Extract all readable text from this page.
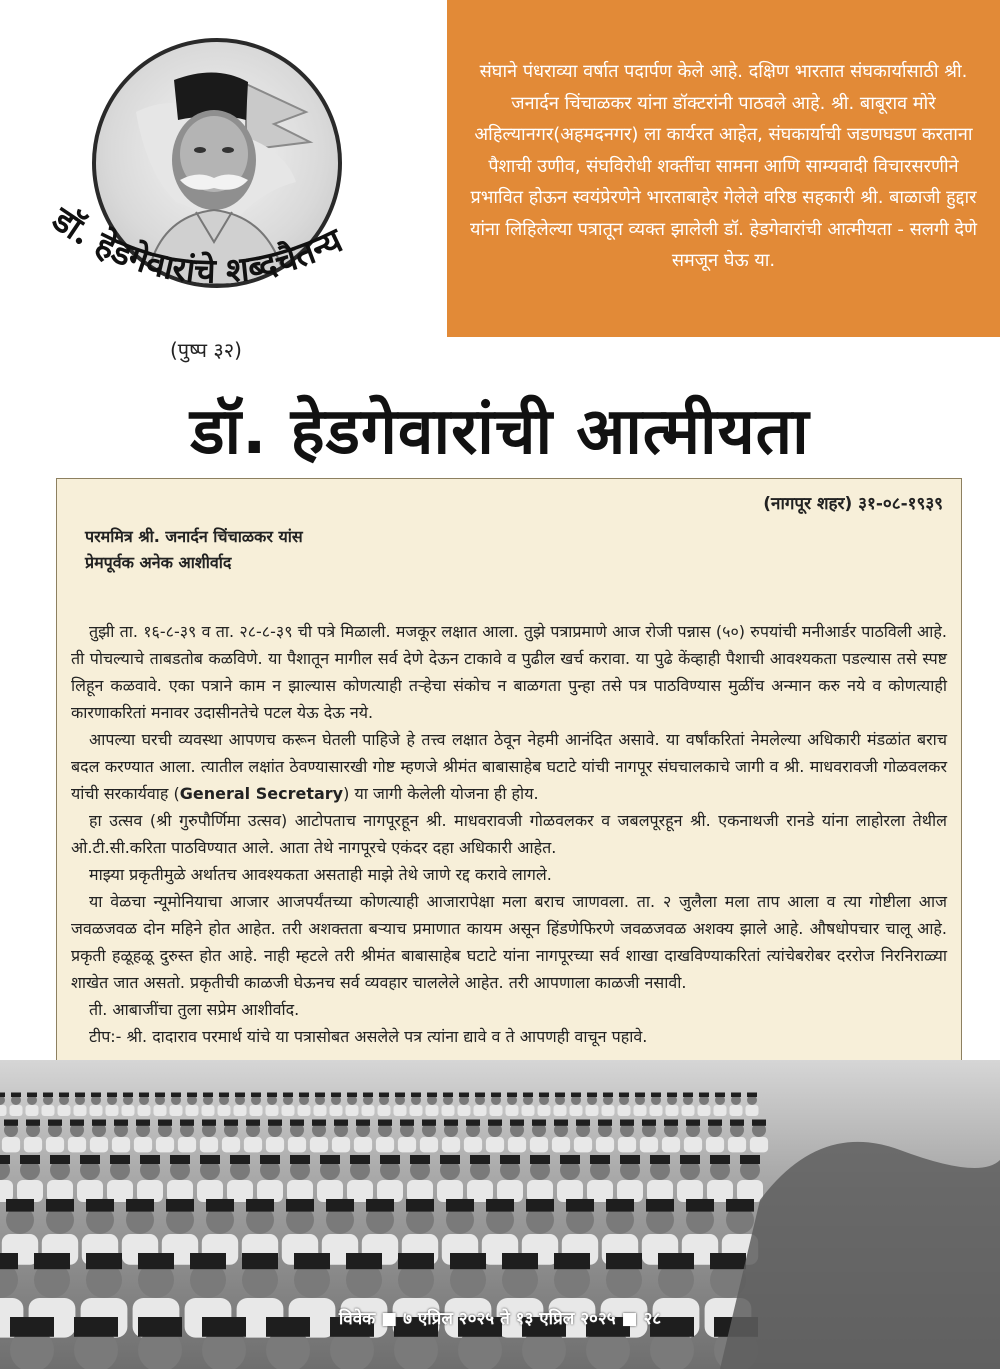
डॉ. हेडगेवारांचे शब्दचैतन्य
(पुष्प ३२)

संघाने पंधराव्या वर्षात पदार्पण केले आहे. दक्षिण भारतात संघकार्यासाठी श्री. जनार्दन चिंचाळकर यांना डॉक्टरांनी पाठवले आहे. श्री. बाबूराव मोरे अहिल्यानगर(अहमदनगर) ला कार्यरत आहेत, संघकार्याची जडणघडण करताना पैशाची उणीव, संघविरोधी शक्तींचा सामना आणि साम्यवादी विचारसरणीने प्रभावित होऊन स्वयंप्रेरणेने भारताबाहेर गेलेले वरिष्ठ सहकारी श्री. बाळाजी हुद्दार यांना लिहिलेल्या पत्रातून व्यक्त झालेली डॉ. हेडगेवारांची आत्मीयता - सलगी देणे समजून घेऊ या.

डॉ. हेडगेवारांची आत्मीयता

(नागपूर शहर) ३१-०८-१९३९

परममित्र श्री. जनार्दन चिंचाळकर यांस
प्रेमपूर्वक अनेक आशीर्वाद

तुझी ता. १६-८-३९ व ता. २८-८-३९ ची पत्रे मिळाली. मजकूर लक्षात आला. तुझे पत्राप्रमाणे आज रोजी पन्नास (५०) रुपयांची मनीआर्डर पाठविली आहे. ती पोचल्याचे ताबडतोब कळविणे. या पैशातून मागील सर्व देणे देऊन टाकावे व पुढील खर्च करावा. या पुढे केंव्हाही पैशाची आवश्यकता पडल्यास तसे स्पष्ट लिहून कळवावे. एका पत्राने काम न झाल्यास कोणत्याही तऱ्हेचा संकोच न बाळगता पुन्हा तसे पत्र पाठविण्यास मुळींच अन्मान करु नये व कोणत्याही कारणाकरितां मनावर उदासीनतेचे पटल येऊ देऊ नये.

आपल्या घरची व्यवस्था आपणच करून घेतली पाहिजे हे तत्त्व लक्षात ठेवून नेहमी आनंदित असावे. या वर्षांकरितां नेमलेल्या अधिकारी मंडळांत बराच बदल करण्यात आला. त्यातील लक्षांत ठेवण्यासारखी गोष्ट म्हणजे श्रीमंत बाबासाहेब घटाटे यांची नागपूर संघचालकाचे जागी व श्री. माधवरावजी गोळवलकर यांची सरकार्यवाह (General Secretary) या जागी केलेली योजना ही होय.

हा उत्सव (श्री गुरुपौर्णिमा उत्सव) आटोपताच नागपूरहून श्री. माधवरावजी गोळवलकर व जबलपूरहून श्री. एकनाथजी रानडे यांना लाहोरला तेथील ओ.टी.सी.करिता पाठविण्यात आले. आता तेथे नागपूरचे एकंदर दहा अधिकारी आहेत.

माझ्या प्रकृतीमुळे अर्थातच आवश्यकता असताही माझे तेथे जाणे रद्द करावे लागले.

या वेळचा न्यूमोनियाचा आजार आजपर्यंतच्या कोणत्याही आजारापेक्षा मला बराच जाणवला. ता. २ जुलैला मला ताप आला व त्या गोष्टीला आज जवळजवळ दोन महिने होत आहेत. तरी अशक्तता बऱ्याच प्रमाणात कायम असून हिंडणेफिरणे जवळजवळ अशक्य झाले आहे. औषधोपचार चालू आहे. प्रकृती हळूहळू दुरुस्त होत आहे. नाही म्हटले तरी श्रीमंत बाबासाहेब घटाटे यांना नागपूरच्या सर्व शाखा दाखविण्याकरितां त्यांचेबरोबर दररोज निरनिराळ्या शाखेत जात असतो. प्रकृतीची काळजी घेऊनच सर्व व्यवहार चाललेले आहेत. तरी आपणाला काळजी नसावी.

ती. आबाजींचा तुला सप्रेम आशीर्वाद.

टीप:- श्री. दादाराव परमार्थ यांचे या पत्रासोबत असलेले पत्र त्यांना द्यावे व ते आपणही वाचून पहावे.

विवेक ■ ७ एप्रिल २०२५ ते १३ एप्रिल २०२५ ■ २८
